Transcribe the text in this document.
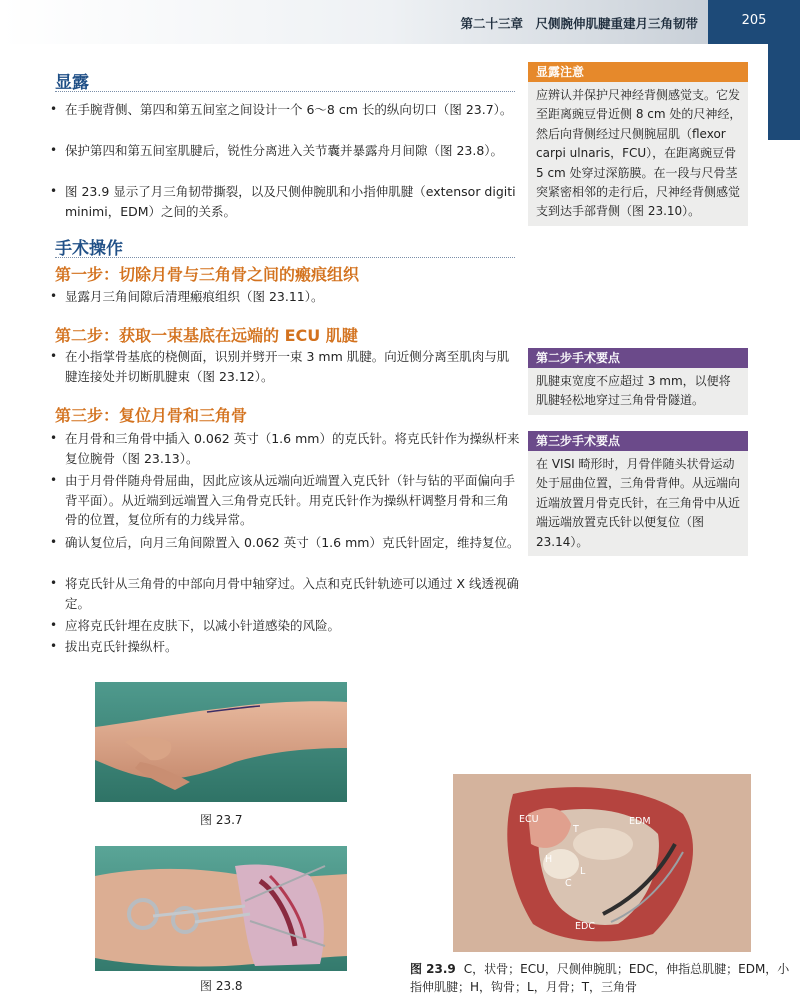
第二十三章　尺侧腕伸肌腱重建月三角韧带	205
显露
• 在手腕背侧、第四和第五间室之间设计一个 6～8 cm 长的纵向切口（图 23.7）。
• 保护第四和第五间室肌腱后，锐性分离进入关节囊并暴露舟月间隙（图 23.8）。
• 图 23.9 显示了月三角韧带撕裂，以及尺侧伸腕肌和小指伸肌腱（extensor digiti minimi，EDM）之间的关系。
手术操作
第一步：切除月骨与三角骨之间的瘢痕组织
• 显露月三角间隙后清理瘢痕组织（图 23.11）。
第二步：获取一束基底在远端的 ECU 肌腱
• 在小指掌骨基底的桡侧面，识别并劈开一束 3 mm 肌腱。向近侧分离至肌肉与肌腱连接处并切断肌腱束（图 23.12）。
第三步：复位月骨和三角骨
• 在月骨和三角骨中插入 0.062 英寸（1.6 mm）的克氏针。将克氏针作为操纵杆来复位腕骨（图 23.13）。
• 由于月骨伴随舟骨屈曲，因此应该从远端向近端置入克氏针（针与钻的平面偏向手背平面）。从近端到远端置入三角骨克氏针。用克氏针作为操纵杆调整月骨和三角骨的位置，复位所有的力线异常。
• 确认复位后，向月三角间隙置入 0.062 英寸（1.6 mm）克氏针固定，维持复位。
• 将克氏针从三角骨的中部向月骨中轴穿过。入点和克氏针轨迹可以通过 X 线透视确定。
• 应将克氏针埋在皮肤下，以减小针道感染的风险。
• 拔出克氏针操纵杆。
显露注意
应辨认并保护尺神经背侧感觉支。它发至距离豌豆骨近侧 8 cm 处的尺神经，然后向背侧经过尺侧腕屈肌（flexor carpi ulnaris，FCU），在距离豌豆骨 5 cm 处穿过深筋膜。在一段与尺骨茎突紧密相邻的走行后，尺神经背侧感觉支到达手部背侧（图 23.10）。
第二步手术要点
肌腱束宽度不应超过 3 mm，以便将肌腱轻松地穿过三角骨骨隧道。
第三步手术要点
在 VISI 畸形时，月骨伴随头状骨运动处于屈曲位置，三角骨背伸。从远端向近端放置月骨克氏针，在三角骨中从近端远端放置克氏针以便复位（图 23.14）。
图 23.7
图 23.8
ECU	EDM
T
H
L
C
EDC
图 23.9 C，状骨；ECU，尺侧伸腕肌；EDC，伸指总肌腱；EDM，小指伸肌腱；H，钩骨；L，月骨；T，三角骨
